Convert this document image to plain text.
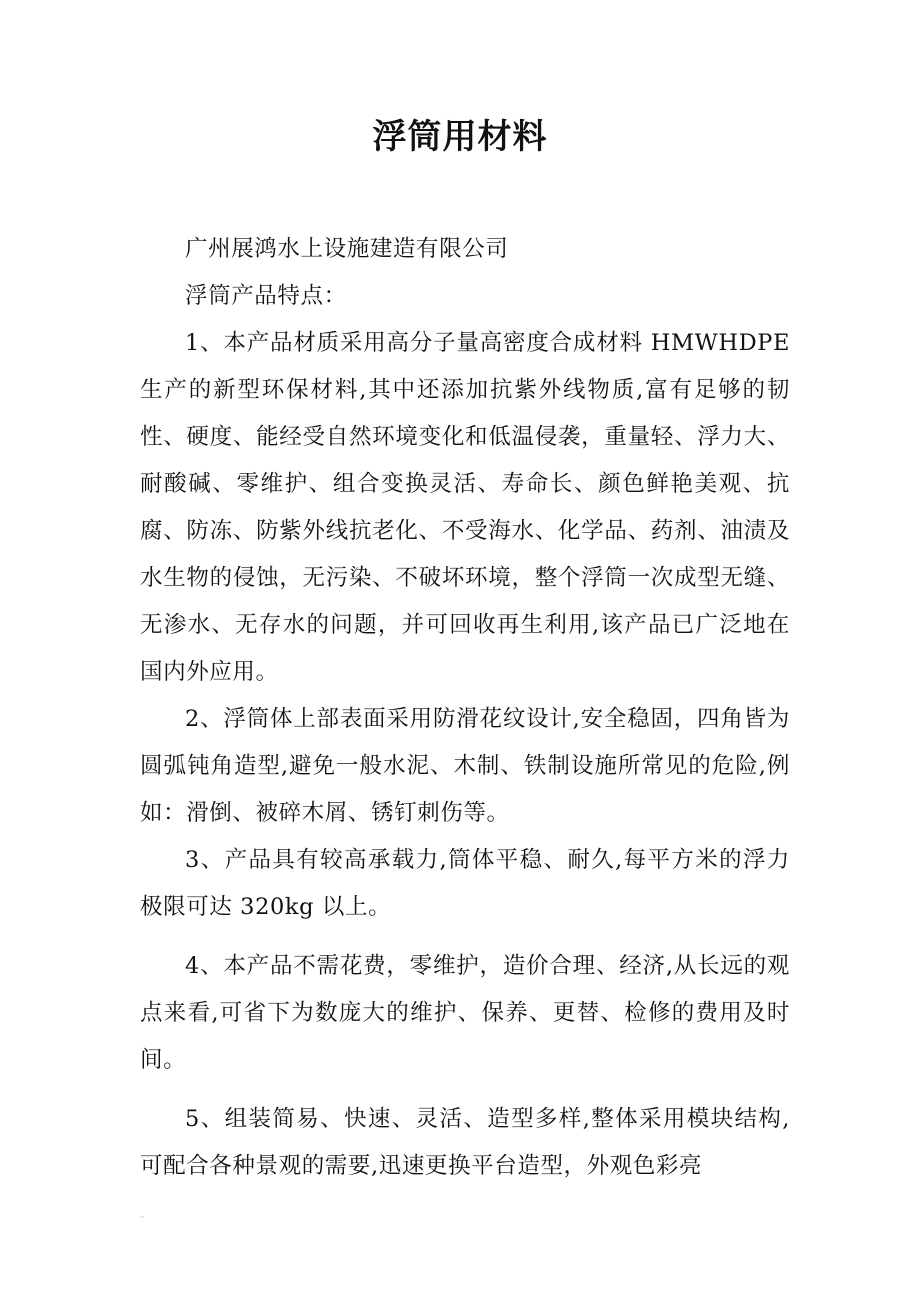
浮筒用材料

广州展鸿水上设施建造有限公司

浮筒产品特点：

1、本产品材质采用高分子量高密度合成材料 HMWHDPE 生产的新型环保材料,其中还添加抗紫外线物质,富有足够的韧性、硬度、能经受自然环境变化和低温侵袭，重量轻、浮力大、耐酸碱、零维护、组合变换灵活、寿命长、颜色鲜艳美观、抗腐、防冻、防紫外线抗老化、不受海水、化学品、药剂、油渍及水生物的侵蚀，无污染、不破坏环境，整个浮筒一次成型无缝、无渗水、无存水的问题，并可回收再生利用,该产品已广泛地在国内外应用。

2、浮筒体上部表面采用防滑花纹设计,安全稳固，四角皆为圆弧钝角造型,避免一般水泥、木制、铁制设施所常见的危险,例如：滑倒、被碎木屑、锈钉刺伤等。

3、产品具有较高承载力,筒体平稳、耐久,每平方米的浮力极限可达 320kg 以上。

4、本产品不需花费，零维护，造价合理、经济,从长远的观点来看,可省下为数庞大的维护、保养、更替、检修的费用及时间。

5、组装简易、快速、灵活、造型多样,整体采用模块结构,可配合各种景观的需要,迅速更换平台造型，外观色彩亮
